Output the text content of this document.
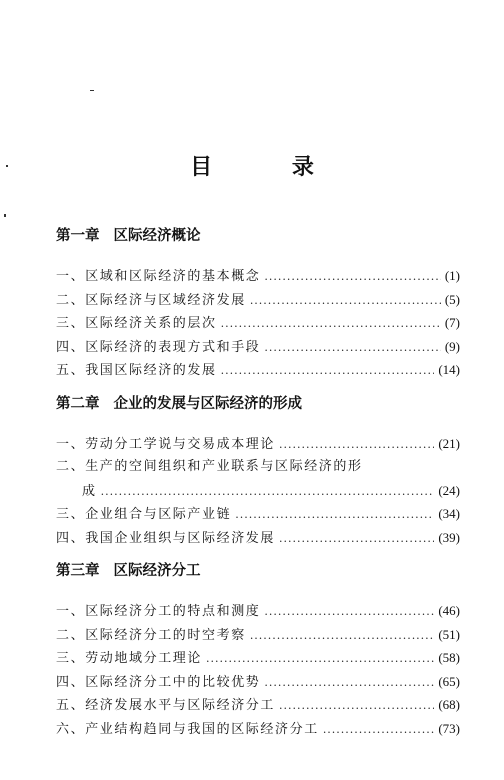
目 录
第一章 区际经济概论
一、区域和区际经济的基本概念 .....	(1)
二、区际经济与区域经济发展 .....	(5)
三、区际经济关系的层次 .....	(7)
四、区际经济的表现方式和手段 .....	(9)
五、我国区际经济的发展 .....	(14)
第二章 企业的发展与区际经济的形成
一、劳动分工学说与交易成本理论 .....	(21)
二、生产的空间组织和产业联系与区际经济的形
成 .....	(24)
三、企业组合与区际产业链 .....	(34)
四、我国企业组织与区际经济发展 .....	(39)
第三章 区际经济分工
一、区际经济分工的特点和测度 .....	(46)
二、区际经济分工的时空考察 .....	(51)
三、劳动地域分工理论 .....	(58)
四、区际经济分工中的比较优势 .....	(65)
五、经济发展水平与区际经济分工 .....	(68)
六、产业结构趋同与我国的区际经济分工 .....	(73)
